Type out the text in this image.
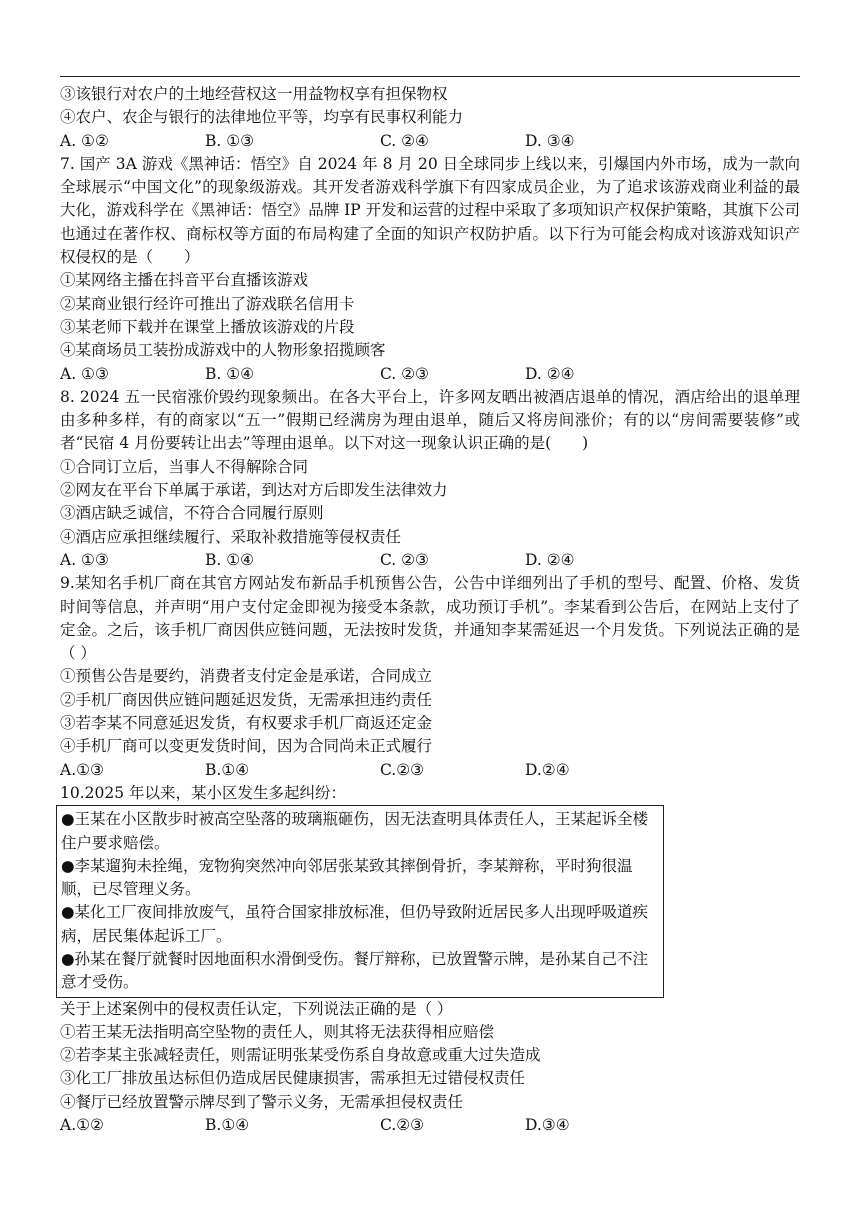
③该银行对农户的土地经营权这一用益物权享有担保物权
④农户、农企与银行的法律地位平等，均享有民事权利能力
A. ①②	B. ①③	C. ②④	D. ③④
7. 国产 3A 游戏《黑神话：悟空》自 2024 年 8 月 20 日全球同步上线以来，引爆国内外市场，成为一款向全球展示“中国文化”的现象级游戏。其开发者游戏科学旗下有四家成员企业，为了追求该游戏商业利益的最大化，游戏科学在《黑神话：悟空》品牌 IP 开发和运营的过程中采取了多项知识产权保护策略，其旗下公司也通过在著作权、商标权等方面的布局构建了全面的知识产权防护盾。以下行为可能会构成对该游戏知识产权侵权的是（　　）
①某网络主播在抖音平台直播该游戏
②某商业银行经许可推出了游戏联名信用卡
③某老师下载并在课堂上播放该游戏的片段
④某商场员工装扮成游戏中的人物形象招揽顾客
A. ①③	B. ①④	C. ②③	D. ②④
8. 2024 五一民宿涨价毁约现象频出。在各大平台上，许多网友晒出被酒店退单的情况，酒店给出的退单理由多种多样，有的商家以“五一”假期已经满房为理由退单，随后又将房间涨价；有的以“房间需要装修”或者“民宿 4 月份要转让出去”等理由退单。以下对这一现象认识正确的是(　　)
①合同订立后，当事人不得解除合同
②网友在平台下单属于承诺，到达对方后即发生法律效力
③酒店缺乏诚信，不符合合同履行原则
④酒店应承担继续履行、采取补救措施等侵权责任
A. ①③	B. ①④	C. ②③	D. ②④
9.某知名手机厂商在其官方网站发布新品手机预售公告，公告中详细列出了手机的型号、配置、价格、发货时间等信息，并声明“用户支付定金即视为接受本条款，成功预订手机”。李某看到公告后，在网站上支付了定金。之后，该手机厂商因供应链问题，无法按时发货，并通知李某需延迟一个月发货。下列说法正确的是（ ）
①预售公告是要约，消费者支付定金是承诺，合同成立
②手机厂商因供应链问题延迟发货，无需承担违约责任
③若李某不同意延迟发货，有权要求手机厂商返还定金
④手机厂商可以变更发货时间，因为合同尚未正式履行
A.①③	B.①④	C.②③	D.②④
10.2025 年以来，某小区发生多起纠纷：
●王某在小区散步时被高空坠落的玻璃瓶砸伤，因无法查明具体责任人，王某起诉全楼住户要求赔偿。
●李某遛狗未拴绳，宠物狗突然冲向邻居张某致其摔倒骨折，李某辩称，平时狗很温顺，已尽管理义务。
●某化工厂夜间排放废气，虽符合国家排放标准，但仍导致附近居民多人出现呼吸道疾病，居民集体起诉工厂。
●孙某在餐厅就餐时因地面积水滑倒受伤。餐厅辩称，已放置警示牌，是孙某自己不注意才受伤。
关于上述案例中的侵权责任认定，下列说法正确的是（ ）
①若王某无法指明高空坠物的责任人，则其将无法获得相应赔偿
②若李某主张减轻责任，则需证明张某受伤系自身故意或重大过失造成
③化工厂排放虽达标但仍造成居民健康损害，需承担无过错侵权责任
④餐厅已经放置警示牌尽到了警示义务，无需承担侵权责任
A.①②	B.①④	C.②③	D.③④
